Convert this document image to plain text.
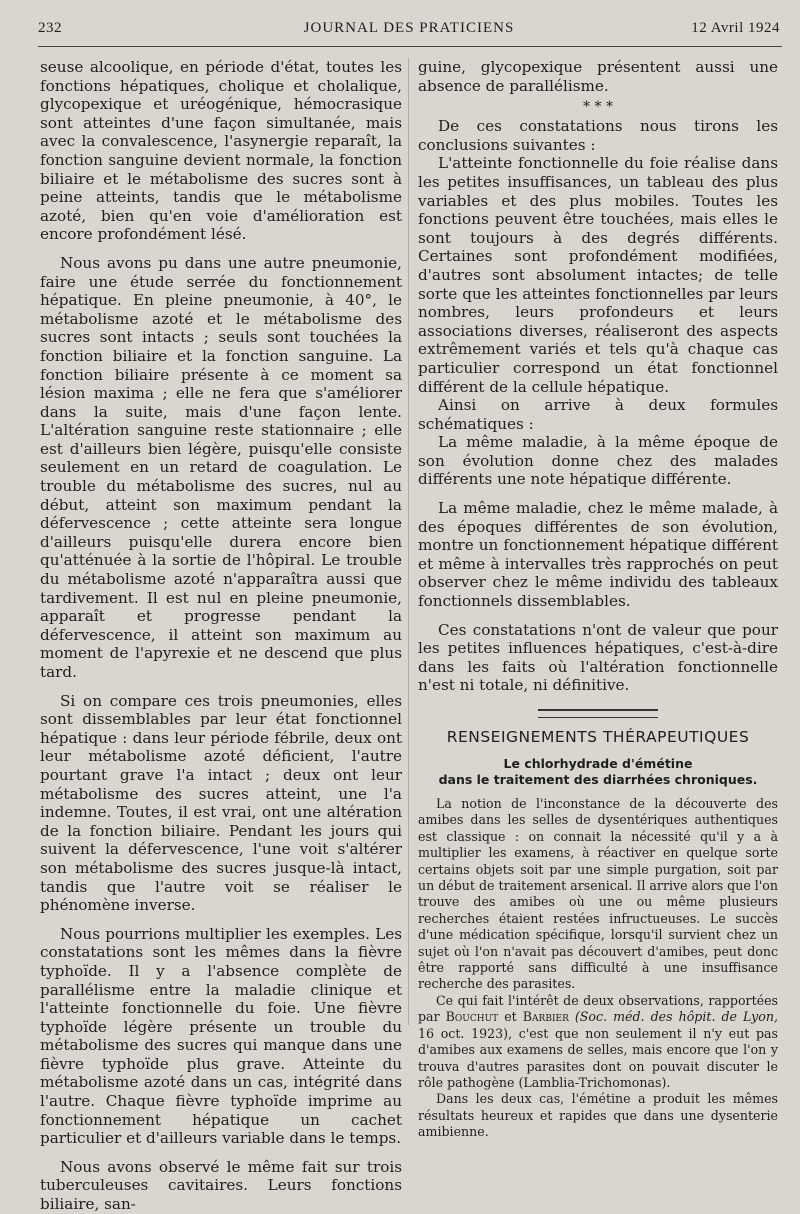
232	JOURNAL DES PRATICIENS	12 Avril 1924

seuse alcoolique, en période d'état, toutes les fonctions hépatiques, cholique et cholalique, glycopexique et uréogénique, hémocrasique sont atteintes d'une façon simultanée, mais avec la convalescence, l'asynergie reparaît, la fonction sanguine devient normale, la fonction biliaire et le métabolisme des sucres sont à peine atteints, tandis que le métabolisme azoté, bien qu'en voie d'amélioration est encore profondément lésé.

Nous avons pu dans une autre pneumonie, faire une étude serrée du fonctionnement hépatique. En pleine pneumonie, à 40°, le métabolisme azoté et le métabolisme des sucres sont intacts ; seuls sont touchées la fonction biliaire et la fonction sanguine. La fonction biliaire présente à ce moment sa lésion maxima ; elle ne fera que s'améliorer dans la suite, mais d'une façon lente. L'altération sanguine reste stationnaire ; elle est d'ailleurs bien légère, puisqu'elle consiste seulement en un retard de coagulation. Le trouble du métabolisme des sucres, nul au début, atteint son maximum pendant la défervescence ; cette atteinte sera longue d'ailleurs puisqu'elle durera encore bien qu'atténuée à la sortie de l'hôpiral. Le trouble du métabolisme azoté n'apparaîtra aussi que tardivement. Il est nul en pleine pneumonie, apparaît et progresse pendant la défervescence, il atteint son maximum au moment de l'apyrexie et ne descend que plus tard.

Si on compare ces trois pneumonies, elles sont dissemblables par leur état fonctionnel hépatique : dans leur période fébrile, deux ont leur métabolisme azoté déficient, l'autre pourtant grave l'a intact ; deux ont leur métabolisme des sucres atteint, une l'a indemne. Toutes, il est vrai, ont une altération de la fonction biliaire. Pendant les jours qui suivent la défervescence, l'une voit s'altérer son métabolisme des sucres jusque-là intact, tandis que l'autre voit se réaliser le phénomène inverse.

Nous pourrions multiplier les exemples. Les constatations sont les mêmes dans la fièvre typhoïde. Il y a l'absence complète de parallélisme entre la maladie clinique et l'atteinte fonctionnelle du foie. Une fièvre typhoïde légère présente un trouble du métabolisme des sucres qui manque dans une fièvre typhoïde plus grave. Atteinte du métabolisme azoté dans un cas, intégrité dans l'autre. Chaque fièvre typhoïde imprime au fonctionnement hépatique un cachet particulier et d'ailleurs variable dans le temps.

Nous avons observé le même fait sur trois tuberculeuses cavitaires. Leurs fonctions biliaire, san-

guine, glycopexique présentent aussi une absence de parallélisme.

* * *

De ces constatations nous tirons les conclusions suivantes :

L'atteinte fonctionnelle du foie réalise dans les petites insuffisances, un tableau des plus variables et des plus mobiles. Toutes les fonctions peuvent être touchées, mais elles le sont toujours à des degrés différents. Certaines sont profondément modifiées, d'autres sont absolument intactes; de telle sorte que les atteintes fonctionnelles par leurs nombres, leurs profondeurs et leurs associations diverses, réaliseront des aspects extrêmement variés et tels qu'à chaque cas particulier correspond un état fonctionnel différent de la cellule hépatique.

Ainsi on arrive à deux formules schématiques :

La même maladie, à la même époque de son évolution donne chez des malades différents une note hépatique différente.

La même maladie, chez le même malade, à des époques différentes de son évolution, montre un fonctionnement hépatique différent et même à intervalles très rapprochés on peut observer chez le même individu des tableaux fonctionnels dissemblables.

Ces constatations n'ont de valeur que pour les petites influences hépatiques, c'est-à-dire dans les faits où l'altération fonctionnelle n'est ni totale, ni définitive.

RENSEIGNEMENTS THÉRAPEUTIQUES
Le chlorhydrade d'émétine
dans le traitement des diarrhées chroniques.

La notion de l'inconstance de la découverte des amibes dans les selles de dysentériques authentiques est classique : on connait la nécessité qu'il y a à multiplier les examens, à réactiver en quelque sorte certains objets soit par une simple purgation, soit par un début de traitement arsenical. Il arrive alors que l'on trouve des amibes où une ou même plusieurs recherches étaient restées infructueuses. Le succès d'une médication spécifique, lorsqu'il survient chez un sujet où l'on n'avait pas découvert d'amibes, peut donc être rapporté sans difficulté à une insuffisance recherche des parasites.

Ce qui fait l'intérêt de deux observations, rapportées par Bouchut et Barbier (Soc. méd. des hôpit. de Lyon, 16 oct. 1923), c'est que non seulement il n'y eut pas d'amibes aux examens de selles, mais encore que l'on y trouva d'autres parasites dont on pouvait discuter le rôle pathogène (Lamblia-Trichomonas).

Dans les deux cas, l'émétine a produit les mêmes résultats heureux et rapides que dans une dysenterie amibienne.
